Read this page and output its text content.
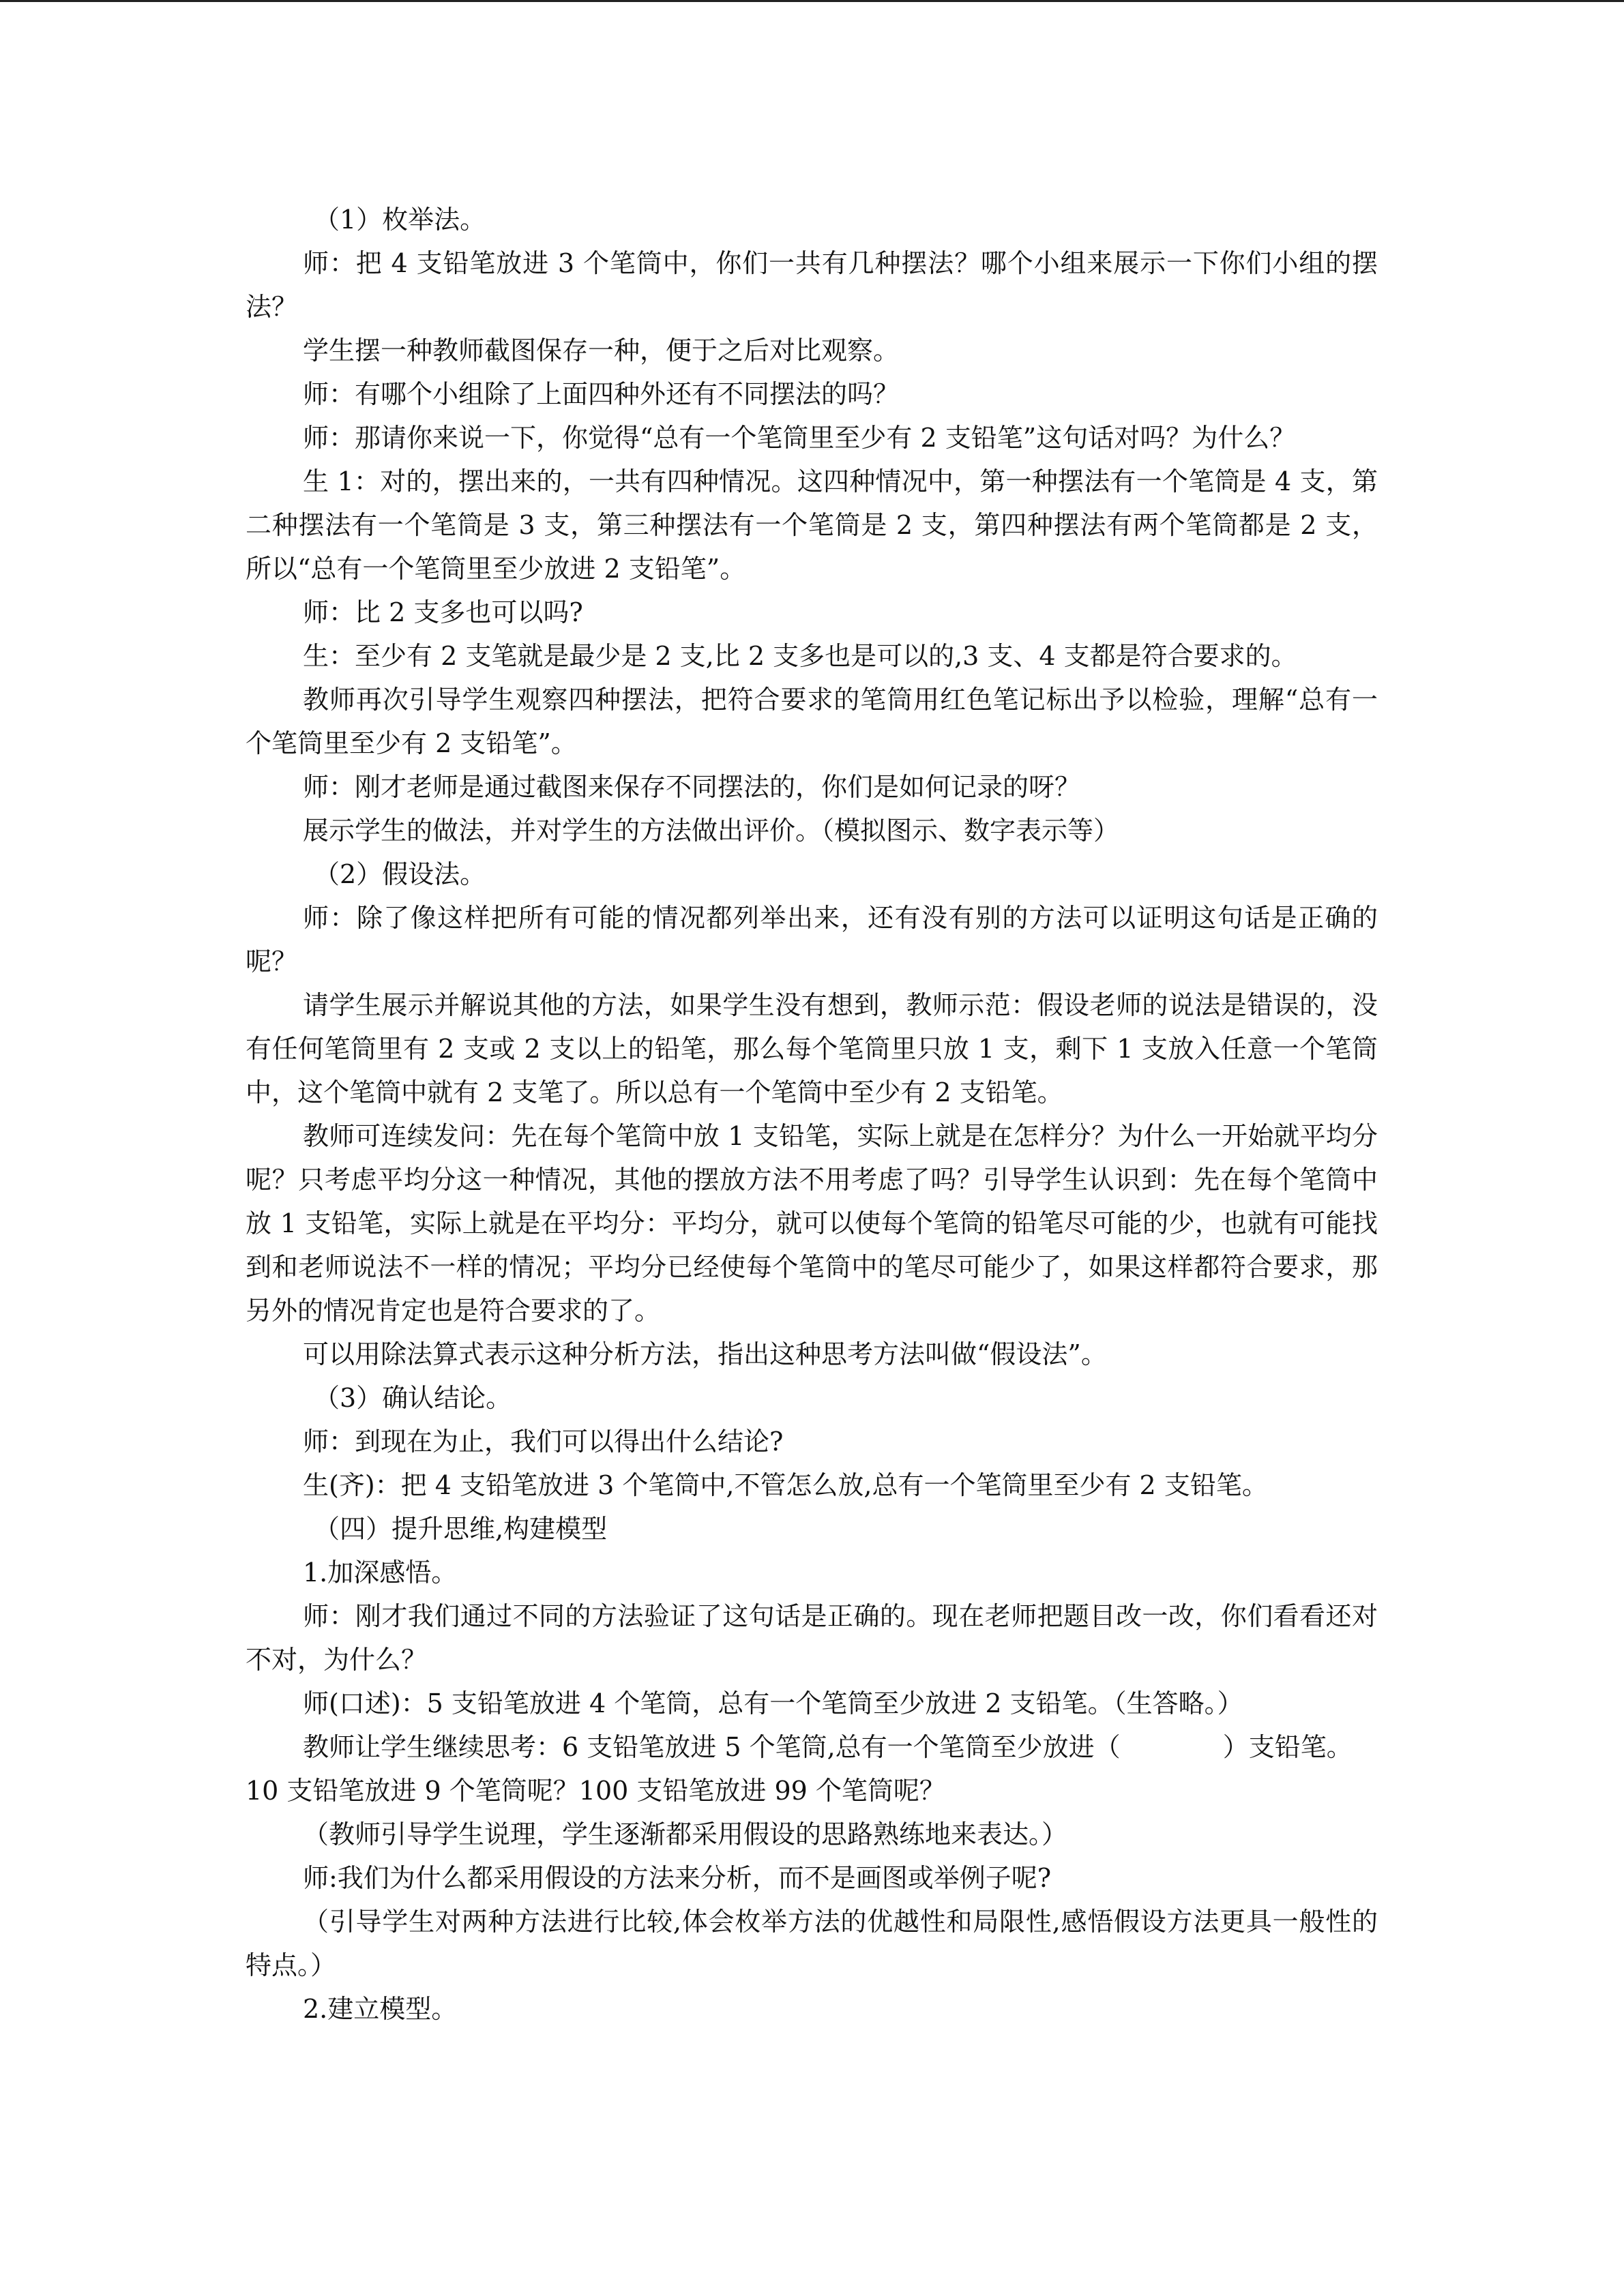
（1）枚举法。

师：把 4 支铅笔放进 3 个笔筒中，你们一共有几种摆法？哪个小组来展示一下你们小组的摆法？

学生摆一种教师截图保存一种，便于之后对比观察。

师：有哪个小组除了上面四种外还有不同摆法的吗？

师：那请你来说一下，你觉得“总有一个笔筒里至少有 2 支铅笔”这句话对吗？为什么？

生 1：对的，摆出来的，一共有四种情况。这四种情况中，第一种摆法有一个笔筒是 4 支，第二种摆法有一个笔筒是 3 支，第三种摆法有一个笔筒是 2 支，第四种摆法有两个笔筒都是 2 支，所以“总有一个笔筒里至少放进 2 支铅笔”。

师：比 2 支多也可以吗?

生：至少有 2 支笔就是最少是 2 支,比 2 支多也是可以的,3 支、4 支都是符合要求的。

教师再次引导学生观察四种摆法，把符合要求的笔筒用红色笔记标出予以检验，理解“总有一个笔筒里至少有 2 支铅笔”。

师：刚才老师是通过截图来保存不同摆法的，你们是如何记录的呀？

展示学生的做法，并对学生的方法做出评价。（模拟图示、数字表示等）

（2）假设法。

师：除了像这样把所有可能的情况都列举出来，还有没有别的方法可以证明这句话是正确的呢？

请学生展示并解说其他的方法，如果学生没有想到，教师示范：假设老师的说法是错误的，没有任何笔筒里有 2 支或 2 支以上的铅笔，那么每个笔筒里只放 1 支，剩下 1 支放入任意一个笔筒中，这个笔筒中就有 2 支笔了。所以总有一个笔筒中至少有 2 支铅笔。

教师可连续发问：先在每个笔筒中放 1 支铅笔，实际上就是在怎样分？为什么一开始就平均分呢？只考虑平均分这一种情况，其他的摆放方法不用考虑了吗？引导学生认识到：先在每个笔筒中放 1 支铅笔，实际上就是在平均分：平均分，就可以使每个笔筒的铅笔尽可能的少，也就有可能找到和老师说法不一样的情况；平均分已经使每个笔筒中的笔尽可能少了，如果这样都符合要求，那另外的情况肯定也是符合要求的了。

可以用除法算式表示这种分析方法，指出这种思考方法叫做“假设法”。

（3）确认结论。

师：到现在为止，我们可以得出什么结论?

生(齐)：把 4 支铅笔放进 3 个笔筒中,不管怎么放,总有一个笔筒里至少有 2 支铅笔。

（四）提升思维,构建模型

1.加深感悟。

师：刚才我们通过不同的方法验证了这句话是正确的。现在老师把题目改一改，你们看看还对不对，为什么？

师(口述)：5 支铅笔放进 4 个笔筒，总有一个笔筒至少放进 2 支铅笔。（生答略。）

教师让学生继续思考：6 支铅笔放进 5 个笔筒,总有一个笔筒至少放进（	）支铅笔。

10 支铅笔放进 9 个笔筒呢？100 支铅笔放进 99 个笔筒呢？

（教师引导学生说理，学生逐渐都采用假设的思路熟练地来表达。）

师:我们为什么都采用假设的方法来分析，而不是画图或举例子呢?

（引导学生对两种方法进行比较,体会枚举方法的优越性和局限性,感悟假设方法更具一般性的特点。）

2.建立模型。
